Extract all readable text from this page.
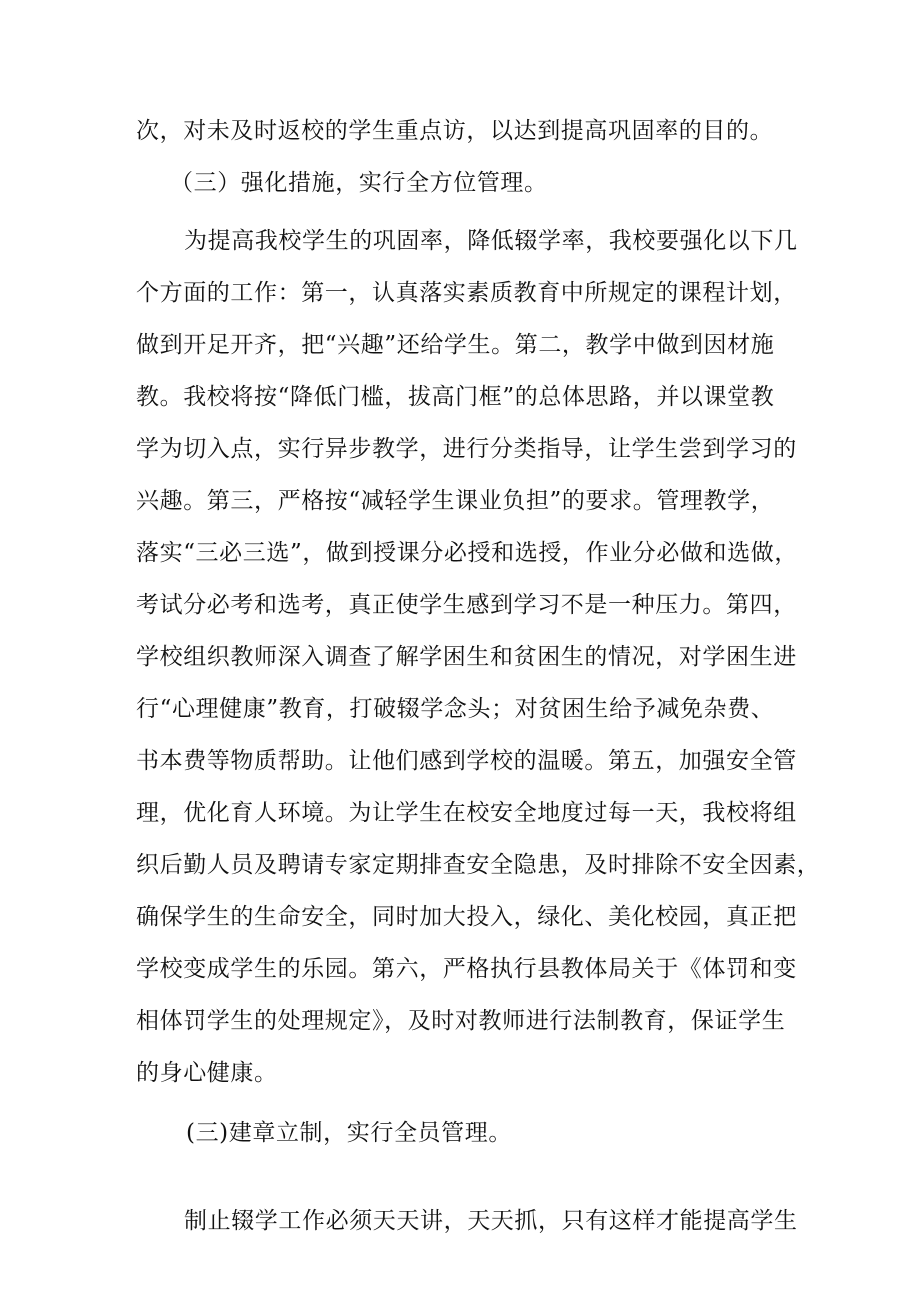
次，对未及时返校的学生重点访，以达到提高巩固率的目的。
（三）强化措施，实行全方位管理。
为提高我校学生的巩固率，降低辍学率，我校要强化以下几
个方面的工作：第一，认真落实素质教育中所规定的课程计划，
做到开足开齐，把“兴趣”还给学生。第二，教学中做到因材施
教。我校将按“降低门槛，拔高门框”的总体思路，并以课堂教
学为切入点，实行异步教学，进行分类指导，让学生尝到学习的
兴趣。第三，严格按“减轻学生课业负担”的要求。管理教学，
落实“三必三选”，做到授课分必授和选授，作业分必做和选做，
考试分必考和选考，真正使学生感到学习不是一种压力。第四，
学校组织教师深入调查了解学困生和贫困生的情况，对学困生进
行“心理健康”教育，打破辍学念头；对贫困生给予减免杂费、
书本费等物质帮助。让他们感到学校的温暖。第五，加强安全管
理，优化育人环境。为让学生在校安全地度过每一天，我校将组
织后勤人员及聘请专家定期排查安全隐患，及时排除不安全因素，
确保学生的生命安全，同时加大投入，绿化、美化校园，真正把
学校变成学生的乐园。第六，严格执行县教体局关于《体罚和变
相体罚学生的处理规定》，及时对教师进行法制教育，保证学生
的身心健康。
(三)建章立制，实行全员管理。
制止辍学工作必须天天讲，天天抓，只有这样才能提高学生
